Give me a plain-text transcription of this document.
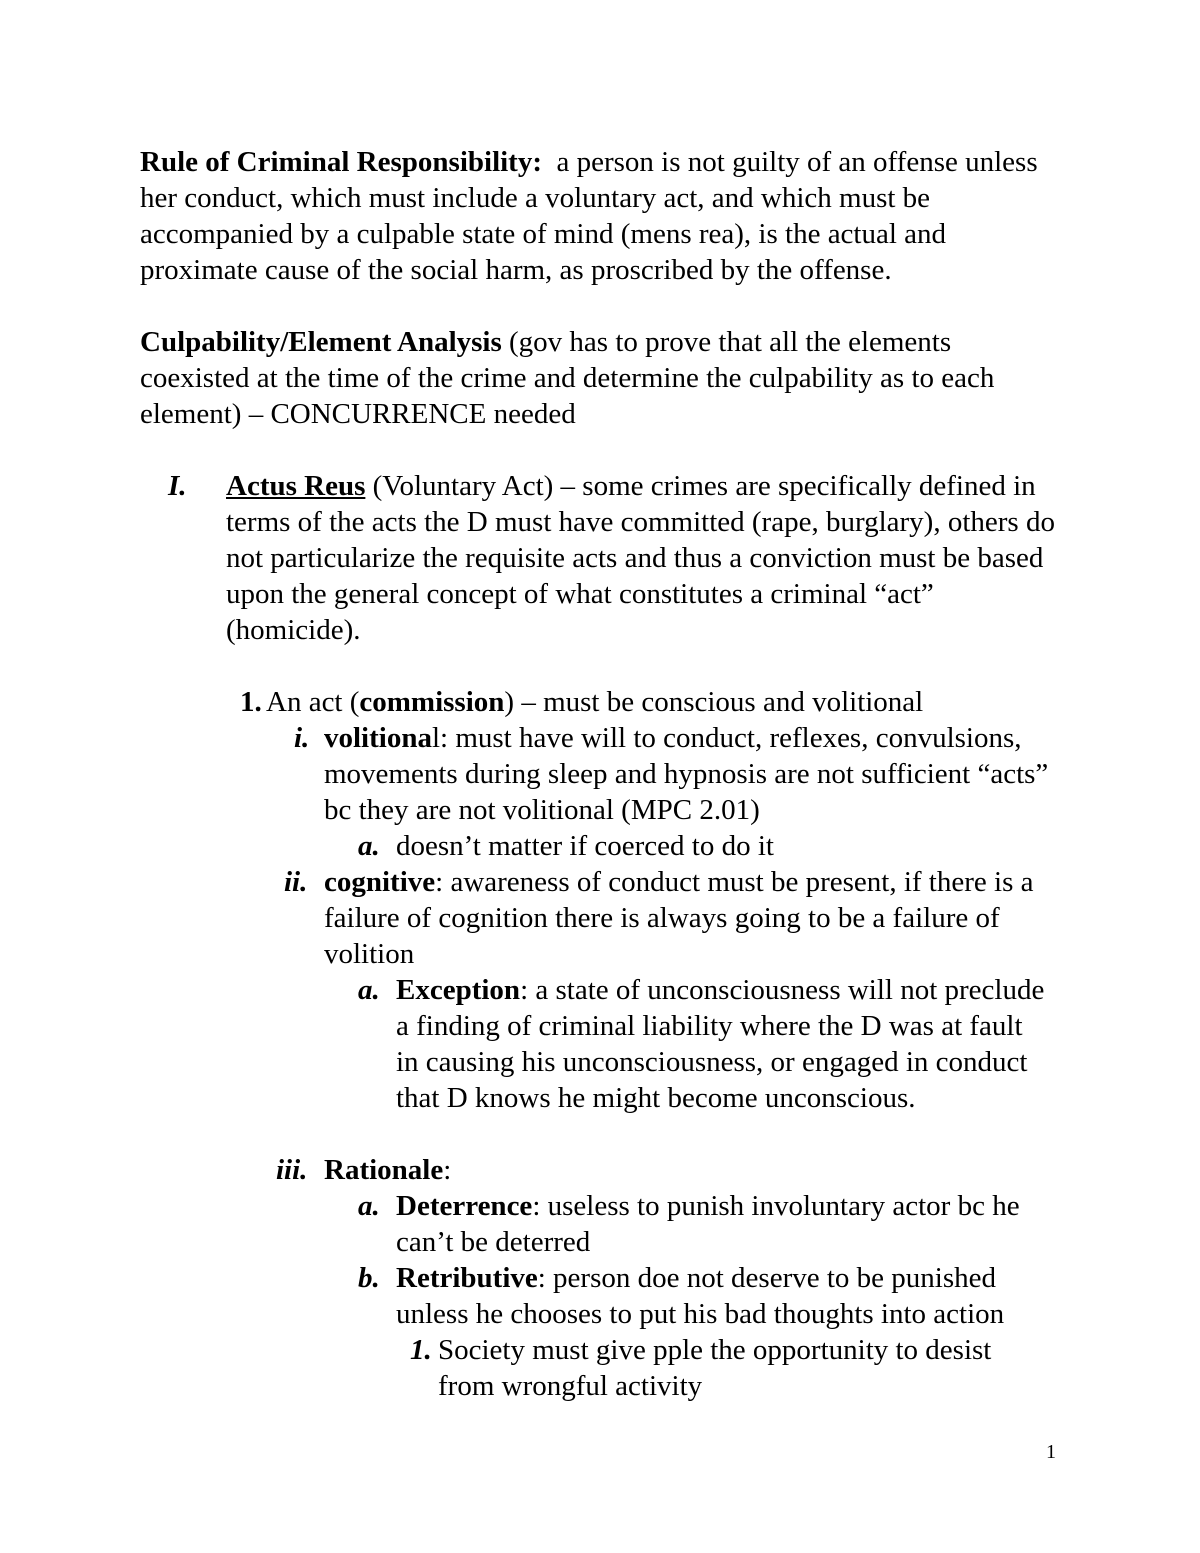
Rule of Criminal Responsibility: a person is not guilty of an offense unless her conduct, which must include a voluntary act, and which must be accompanied by a culpable state of mind (mens rea), is the actual and proximate cause of the social harm, as proscribed by the offense.

Culpability/Element Analysis (gov has to prove that all the elements coexisted at the time of the crime and determine the culpability as to each element) – CONCURRENCE needed

I. Actus Reus (Voluntary Act) – some crimes are specifically defined in terms of the acts the D must have committed (rape, burglary), others do not particularize the requisite acts and thus a conviction must be based upon the general concept of what constitutes a criminal “act” (homicide).
1. An act (commission) – must be conscious and volitional
i. volitional: must have will to conduct, reflexes, convulsions, movements during sleep and hypnosis are not sufficient “acts” bc they are not volitional (MPC 2.01)
a. doesn’t matter if coerced to do it
ii. cognitive: awareness of conduct must be present, if there is a failure of cognition there is always going to be a failure of volition
a. Exception: a state of unconsciousness will not preclude a finding of criminal liability where the D was at fault in causing his unconsciousness, or engaged in conduct that D knows he might become unconscious.
iii. Rationale:
a. Deterrence: useless to punish involuntary actor bc he can’t be deterred
b. Retributive: person doe not deserve to be punished unless he chooses to put his bad thoughts into action
1. Society must give pple the opportunity to desist from wrongful activity
1
